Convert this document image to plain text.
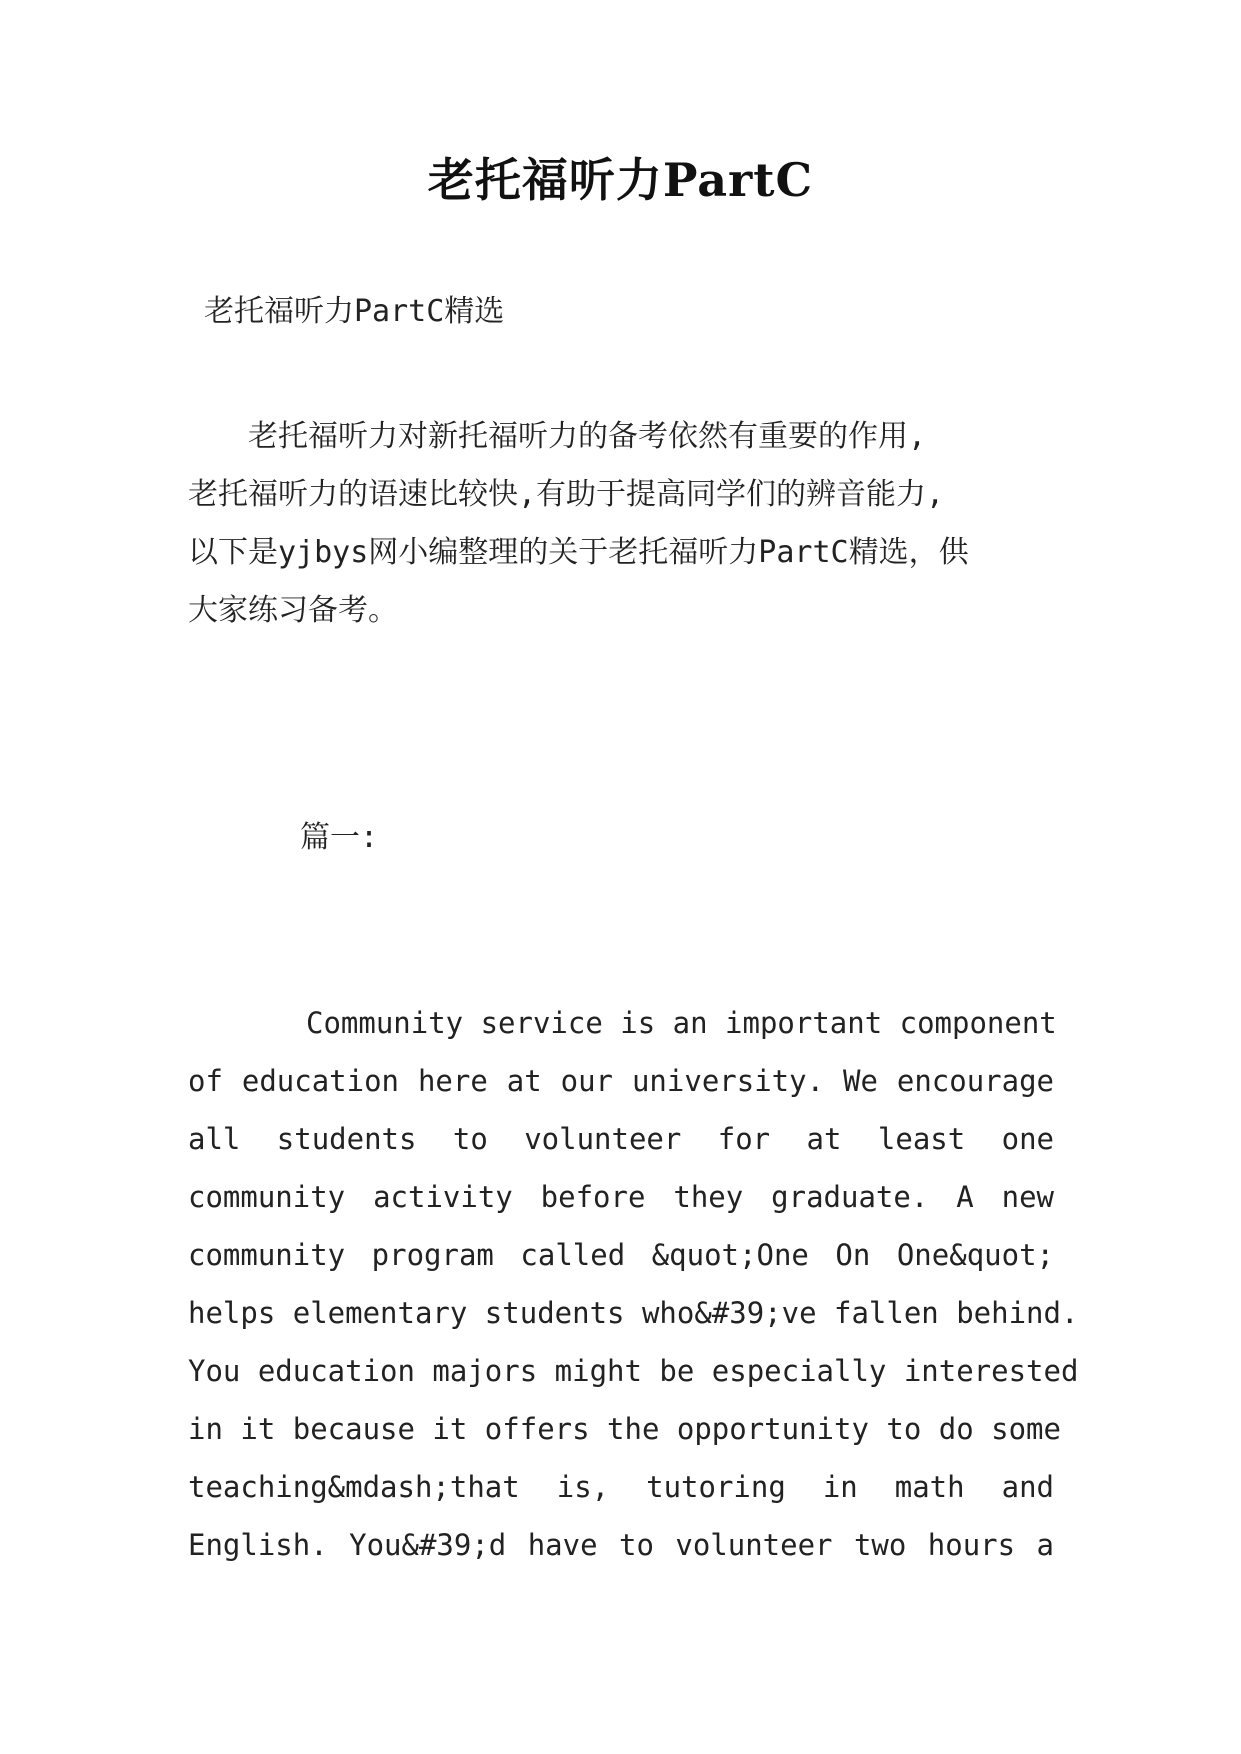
老托福听力PartC
老托福听力PartC精选
　　老托福听力对新托福听力的备考依然有重要的作用,
老托福听力的语速比较快,有助于提高同学们的辨音能力,
以下是yjbys网小编整理的关于老托福听力PartC精选，供
大家练习备考。
篇一:
Community service is an important component
of education here at our university. We encourage
all students to volunteer for at least one
community activity before they graduate. A new
community program called &quot;One On One&quot;
helps elementary students who&#39;ve fallen behind.
You education majors might be especially interested
in it because it offers the opportunity to do some
teaching&mdash;that is, tutoring in math and
English. You&#39;d have to volunteer two hours a
